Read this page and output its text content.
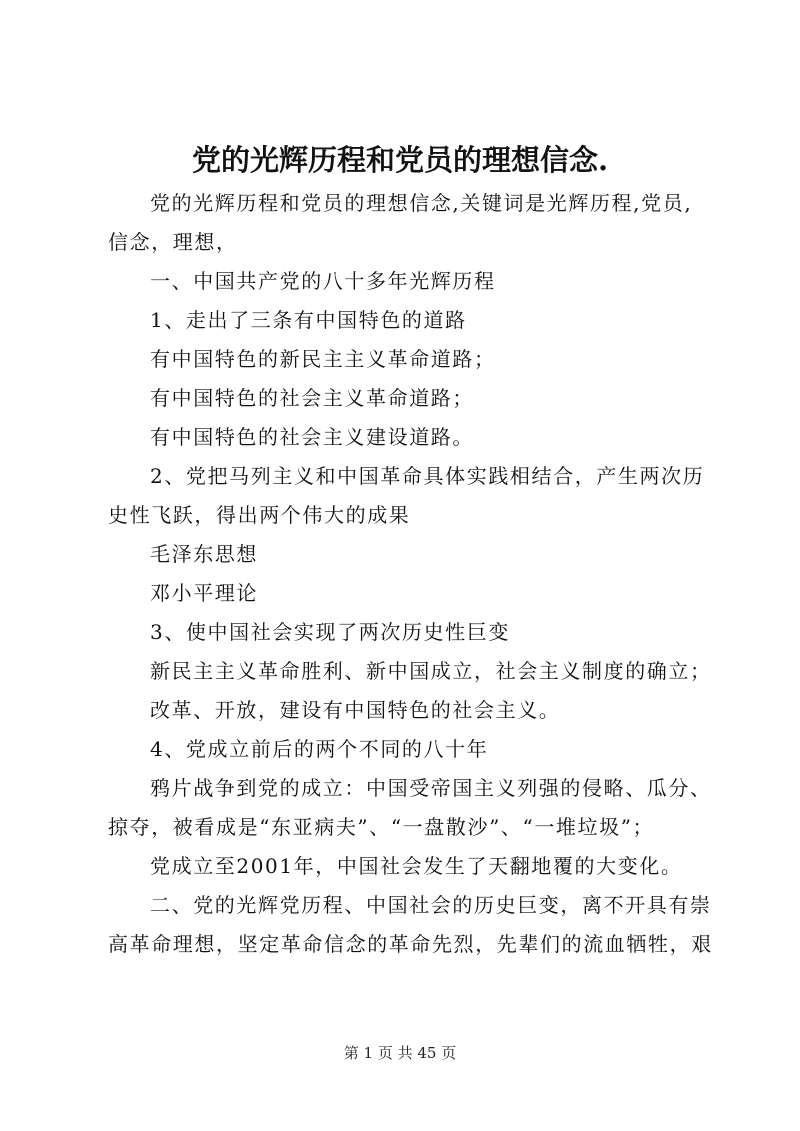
党的光辉历程和党员的理想信念.

党的光辉历程和党员的理想信念,关键词是光辉历程,党员,

信念，理想，

一、中国共产党的八十多年光辉历程

1、走出了三条有中国特色的道路

有中国特色的新民主主义革命道路；

有中国特色的社会主义革命道路；

有中国特色的社会主义建设道路。

2、党把马列主义和中国革命具体实践相结合，产生两次历

史性飞跃，得出两个伟大的成果

毛泽东思想

邓小平理论

3、使中国社会实现了两次历史性巨变

新民主主义革命胜利、新中国成立，社会主义制度的确立；

改革、开放，建设有中国特色的社会主义。

4、党成立前后的两个不同的八十年

鸦片战争到党的成立：中国受帝国主义列强的侵略、瓜分、

掠夺，被看成是“东亚病夫”、“一盘散沙”、“一堆垃圾”；

党成立至2001年，中国社会发生了天翻地覆的大变化。

二、党的光辉党历程、中国社会的历史巨变，离不开具有崇

高革命理想，坚定革命信念的革命先烈，先辈们的流血牺牲，艰

第 1 页 共 45 页
